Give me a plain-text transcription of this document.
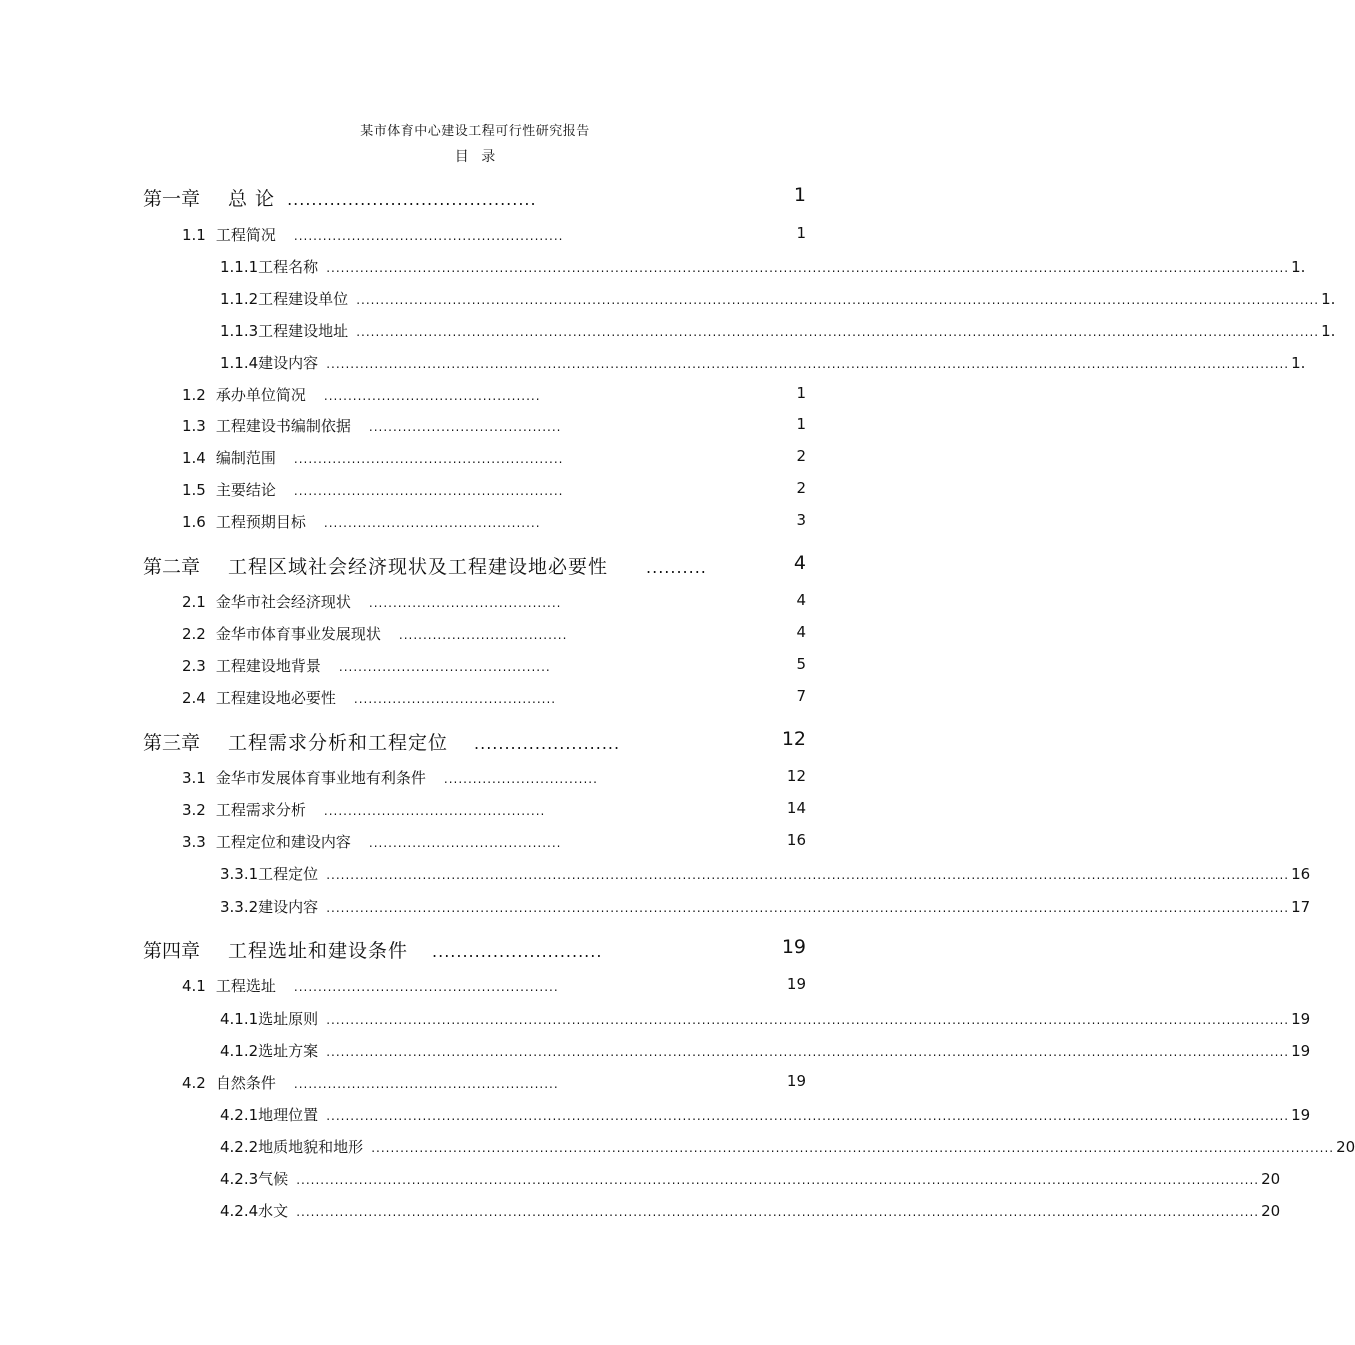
某市体育中心建设工程可行性研究报告
目 录
第一章 总 论 .........................................	1
1.1 工程简况 ........................................................	1
1.1.1 工程名称 ........................................................................................................................................................................................................ 1 .
1.1.2 工程建设单位 ........................................................................................................................................................................................................ 1 .
1.1.3 工程建设地址 ........................................................................................................................................................................................................ 1 .
1.1.4 建设内容 ........................................................................................................................................................................................................ 1 .
1.2 承办单位简况 .............................................	1
1.3 工程建设书编制依据 ........................................	1
1.4 编制范围 ........................................................	2
1.5 主要结论 ........................................................	2
1.6 工程预期目标 .............................................	3
第二章 工程区域社会经济现状及工程建设地必要性 ..........	4
2.1 金华市社会经济现状 ........................................	4
2.2 金华市体育事业发展现状 ...................................	4
2.3 工程建设地背景 ............................................	5
2.4 工程建设地必要性 ..........................................	7
第三章 工程需求分析和工程定位 ........................	12
3.1 金华市发展体育事业地有利条件 ................................	12
3.2 工程需求分析 ..............................................	14
3.3 工程定位和建设内容 ........................................	16
3.3.1 工程定位 ........................................................................................................................................................................................................ 16
3.3.2 建设内容 ........................................................................................................................................................................................................ 17
第四章 工程选址和建设条件 ............................	19
4.1 工程选址 .......................................................	19
4.1.1 选址原则 ........................................................................................................................................................................................................ 19
4.1.2 选址方案 ........................................................................................................................................................................................................ 19
4.2 自然条件 .......................................................	19
4.2.1 地理位置 ........................................................................................................................................................................................................ 19
4.2.2 地质地貌和地形 ........................................................................................................................................................................................................ 20
4.2.3 气候 ........................................................................................................................................................................................................ 20
4.2.4 水文 ........................................................................................................................................................................................................ 20
